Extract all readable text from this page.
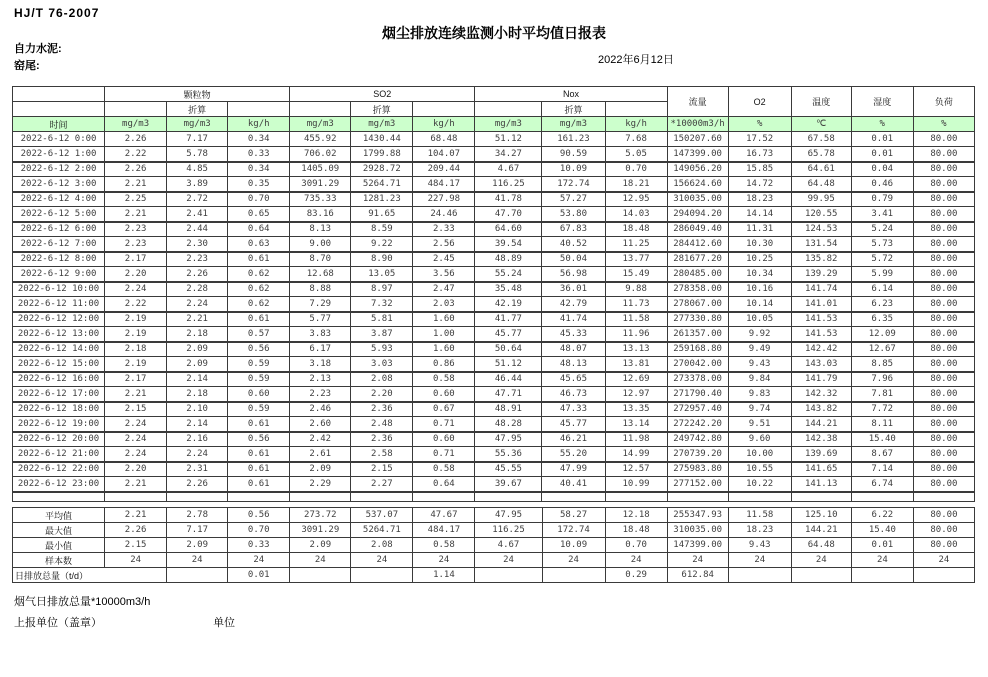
HJ/T 76-2007
烟尘排放连续监测小时平均值日报表
自力水泥:
窑尾:	2022年6月12日
	颗粒物			SO2			Nox			流量	O2	温度	湿度	负荷
		折算			折算			折算						
时间	mg/m3	mg/m3	kg/h	mg/m3	mg/m3	kg/h	mg/m3	mg/m3	kg/h	*10000m3/h	%	℃	%	%
2022-6-12 0:00	2.26	7.17	0.34	455.92	1430.44	68.48	51.12	161.23	7.68	150207.60	17.52	67.58	0.01	80.00
2022-6-12 1:00	2.22	5.78	0.33	706.02	1799.88	104.07	34.27	90.59	5.05	147399.00	16.73	65.78	0.01	80.00
2022-6-12 2:00	2.26	4.85	0.34	1405.09	2928.72	209.44	4.67	10.09	0.70	149056.20	15.85	64.61	0.04	80.00
2022-6-12 3:00	2.21	3.89	0.35	3091.29	5264.71	484.17	116.25	172.74	18.21	156624.60	14.72	64.48	0.46	80.00
2022-6-12 4:00	2.25	2.72	0.70	735.33	1281.23	227.98	41.78	57.27	12.95	310035.00	18.23	99.95	0.79	80.00
2022-6-12 5:00	2.21	2.41	0.65	83.16	91.65	24.46	47.70	53.80	14.03	294094.20	14.14	120.55	3.41	80.00
2022-6-12 6:00	2.23	2.44	0.64	8.13	8.59	2.33	64.60	67.83	18.48	286049.40	11.31	124.53	5.24	80.00
2022-6-12 7:00	2.23	2.30	0.63	9.00	9.22	2.56	39.54	40.52	11.25	284412.60	10.30	131.54	5.73	80.00
2022-6-12 8:00	2.17	2.23	0.61	8.70	8.90	2.45	48.89	50.04	13.77	281677.20	10.25	135.82	5.72	80.00
2022-6-12 9:00	2.20	2.26	0.62	12.68	13.05	3.56	55.24	56.98	15.49	280485.00	10.34	139.29	5.99	80.00
2022-6-12 10:00	2.24	2.28	0.62	8.88	8.97	2.47	35.48	36.01	9.88	278358.00	10.16	141.74	6.14	80.00
2022-6-12 11:00	2.22	2.24	0.62	7.29	7.32	2.03	42.19	42.79	11.73	278067.00	10.14	141.01	6.23	80.00
2022-6-12 12:00	2.19	2.21	0.61	5.77	5.81	1.60	41.77	41.74	11.58	277330.80	10.05	141.53	6.35	80.00
2022-6-12 13:00	2.19	2.18	0.57	3.83	3.87	1.00	45.77	45.33	11.96	261357.00	9.92	141.53	12.09	80.00
2022-6-12 14:00	2.18	2.09	0.56	6.17	5.93	1.60	50.64	48.07	13.13	259168.80	9.49	142.42	12.67	80.00
2022-6-12 15:00	2.19	2.09	0.59	3.18	3.03	0.86	51.12	48.13	13.81	270042.00	9.43	143.03	8.85	80.00
2022-6-12 16:00	2.17	2.14	0.59	2.13	2.08	0.58	46.44	45.65	12.69	273378.00	9.84	141.79	7.96	80.00
2022-6-12 17:00	2.21	2.18	0.60	2.23	2.20	0.60	47.71	46.73	12.97	271790.40	9.83	142.32	7.81	80.00
2022-6-12 18:00	2.15	2.10	0.59	2.46	2.36	0.67	48.91	47.33	13.35	272957.40	9.74	143.82	7.72	80.00
2022-6-12 19:00	2.24	2.14	0.61	2.60	2.48	0.71	48.28	45.77	13.14	272242.20	9.51	144.21	8.11	80.00
2022-6-12 20:00	2.24	2.16	0.56	2.42	2.36	0.60	47.95	46.21	11.98	249742.80	9.60	142.38	15.40	80.00
2022-6-12 21:00	2.24	2.24	0.61	2.61	2.58	0.71	55.36	55.20	14.99	270739.20	10.00	139.69	8.67	80.00
2022-6-12 22:00	2.20	2.31	0.61	2.09	2.15	0.58	45.55	47.99	12.57	275983.80	10.55	141.65	7.14	80.00
2022-6-12 23:00	2.21	2.26	0.61	2.29	2.27	0.64	39.67	40.41	10.99	277152.00	10.22	141.13	6.74	80.00

平均值	2.21	2.78	0.56	273.72	537.07	47.67	47.95	58.27	12.18	255347.93	11.58	125.10	6.22	80.00
最大值	2.26	7.17	0.70	3091.29	5264.71	484.17	116.25	172.74	18.48	310035.00	18.23	144.21	15.40	80.00
最小值	2.15	2.09	0.33	2.09	2.08	0.58	4.67	10.09	0.70	147399.00	9.43	64.48	0.01	80.00
样本数	24	24	24	24	24	24	24	24	24	24	24	24	24	24
日排放总量（t/d）			0.01			1.14			0.29	612.84				
烟气日排放总量*10000m3/h
上报单位（盖章）	单位
